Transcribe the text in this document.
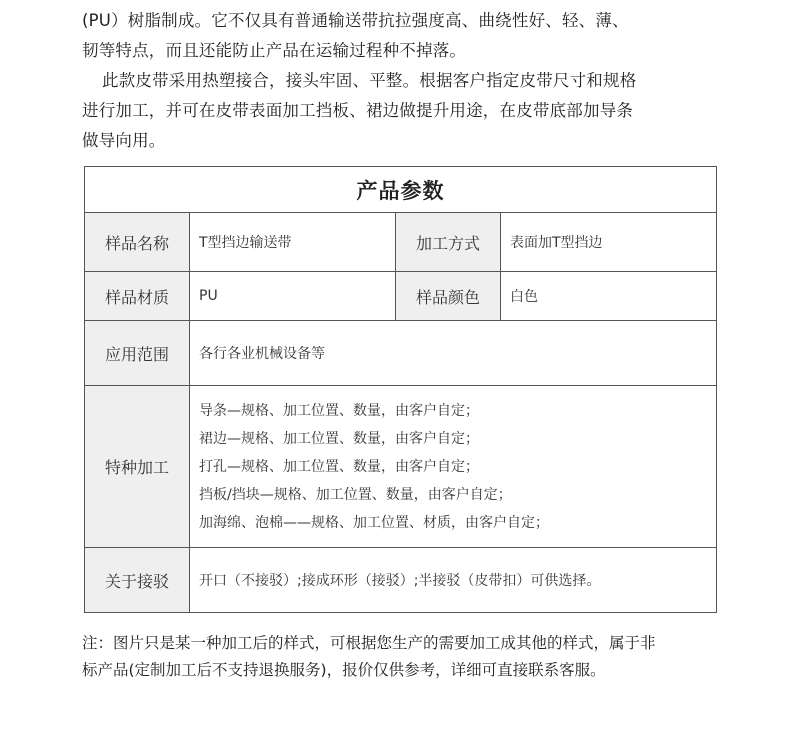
(PU）树脂制成。它不仅具有普通输送带抗拉强度高、曲绕性好、轻、薄、

韧等特点，而且还能防止产品在运输过程种不掉落。

此款皮带采用热塑接合，接头牢固、平整。根据客户指定皮带尺寸和规格

进行加工，并可在皮带表面加工挡板、裙边做提升用途，在皮带底部加导条

做导向用。

产品参数			
样品名称	T型挡边输送带	加工方式	表面加T型挡边
样品材质	PU	样品颜色	白色
应用范围	各行各业机械设备等		
特种加工	导条—规格、加工位置、数量，由客户自定；
裙边—规格、加工位置、数量，由客户自定；
打孔—规格、加工位置、数量，由客户自定；
挡板/挡块—规格、加工位置、数量，由客户自定；
加海绵、泡棉——规格、加工位置、材质，由客户自定；		

关于接驳	开口（不接驳）;接成环形（接驳）;半接驳（皮带扣）可供选择。		
注：图片只是某一种加工后的样式，可根据您生产的需要加工成其他的样式，属于非
标产品(定制加工后不支持退换服务)，报价仅供参考，详细可直接联系客服。
